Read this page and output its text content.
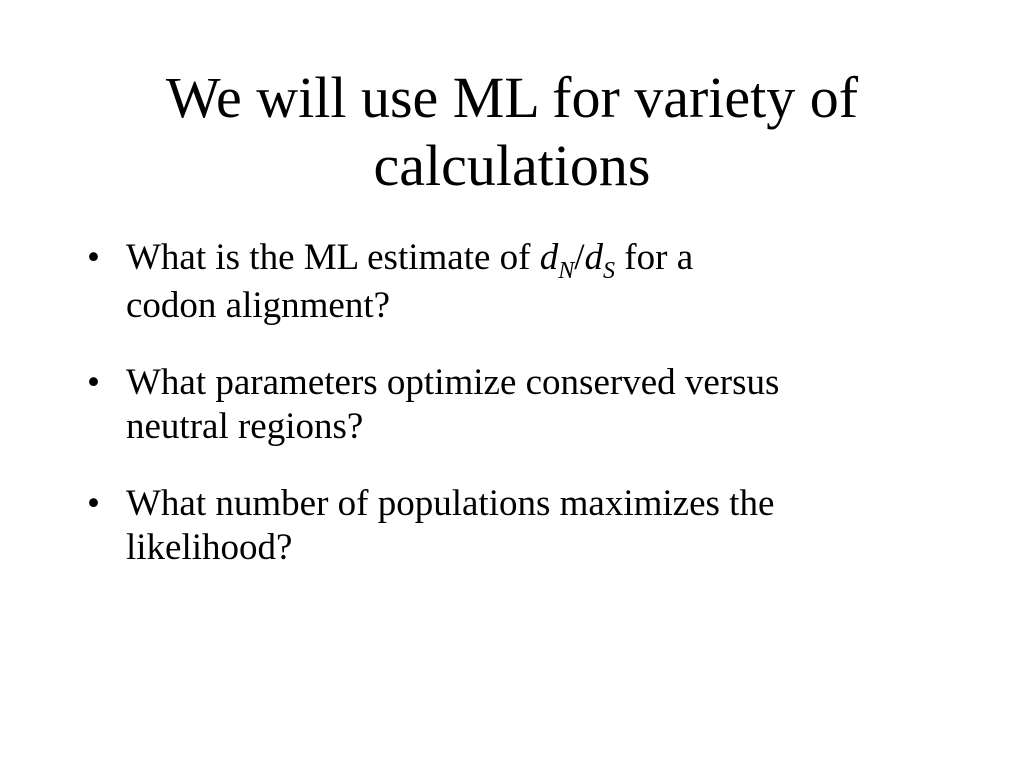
We will use ML for variety of
calculations
• What is the ML estimate of $d_N/d_S$ for a
codon alignment?
• What parameters optimize conserved versus
neutral regions?
• What number of populations maximizes the
likelihood?
